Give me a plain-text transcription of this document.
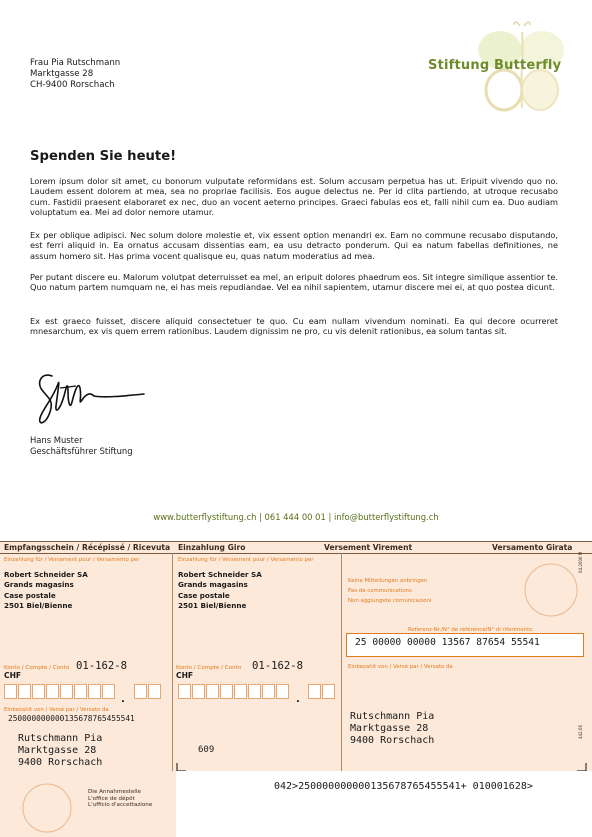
Frau Pia Rutschmann
Marktgasse 28
CH-9400 Rorschach
Stiftung Butterfly
Spenden Sie heute!

Lorem ipsum dolor sit amet, cu bonorum vulputate reformidans est. Solum accusam perpetua has ut. Eripuit vivendo quo no. Laudem essent dolorem at mea, sea no propriae facilisis. Eos augue delectus ne. Per id clita partiendo, at utroque recusabo cum. Fastidii praesent elaboraret ex nec, duo an vocent aeterno principes. Graeci fabulas eos et, falli nihil cum ea. Duo audiam voluptatum ea. Mei ad dolor nemore utamur.

Ex per oblique adipisci. Nec solum dolore molestie et, vix essent option menandri ex. Eam no commune recusabo disputando, est ferri aliquid in. Ea ornatus accusam dissentias eam, ea usu detracto ponderum. Qui ea natum fabellas definitiones, ne assum homero sit. Has prima vocent qualisque eu, quas natum moderatius ad mea.

Per putant discere eu. Malorum volutpat deterruisset ea mel, an eripuit dolores phaedrum eos. Sit integre similique assentior te. Quo natum partem numquam ne, ei has meis repudiandae. Vel ea nihil sapientem, utamur discere mei ei, at quo postea dicunt.

Ex est graeco fuisset, discere aliquid consectetuer te quo. Cu eam nullam vivendum nominati. Ea qui decore ocurreret mnesarchum, ex vis quem errem rationibus. Laudem dignissim ne pro, cu vis delenit rationibus, ea solum tantas sit.

Hans Muster
Geschäftsführer Stiftung
www.butterflystiftung.ch | 061 444 00 01 | info@butterflystiftung.ch
Empfangsschein / Récépissé / Ricevuta Einzahlung Giro	Versement Virement	Versamento Girata
Einzahlung für / Versement pour / Versamento per
Robert Schneider SA
Grands magasins
Case postale
2501 Biel/Bienne
Konto / Compte / Conto 01-162-8
CHF
.
Einbezahlt von / Versé par / Versato da
250000000000135678765455541
Rutschmann Pia
Marktgasse 28
9400 Rorschach
Die Annahmestelle
L'office de dépôt
L'ufficio d'accettazione
Einzahlung für / Versement pour / Versamento per
Robert Schneider SA
Grands magasins
Case postale
2501 Biel/Bienne
Konto / Compte / Conto 01-162-8
CHF
.
609
Keine Mitteilungen anbringen
Pas de communications
Non aggiungete comunicazioni
04.2006 M
Referenz-Nr./N° de référence/N° di riferimento
25 00000 00000 13567 87654 55541
Einbezahlt von / Versé par / Versato da
Rutschmann Pia
Marktgasse 28
9400 Rorschach
442.06
042>250000000000135678765455541+ 010001628>
